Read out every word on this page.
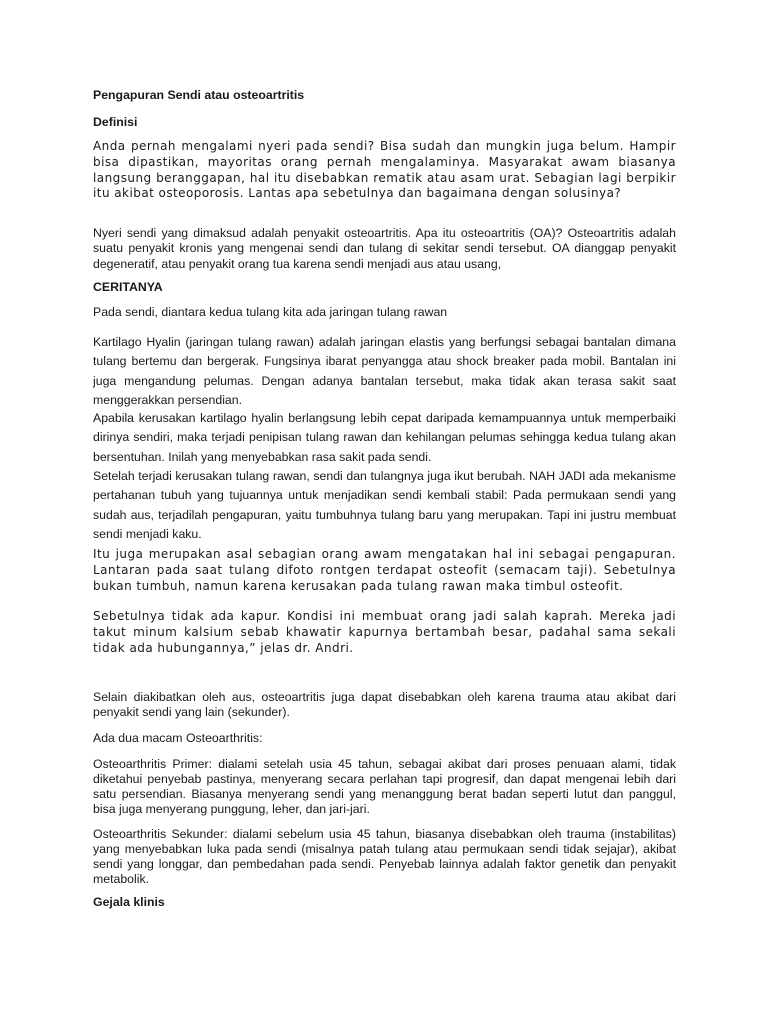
Pengapuran Sendi atau osteoartritis
Definisi

Anda pernah mengalami nyeri pada sendi? Bisa sudah dan mungkin juga belum. Hampir bisa dipastikan, mayoritas orang pernah mengalaminya. Masyarakat awam biasanya langsung beranggapan, hal itu disebabkan rematik atau asam urat. Sebagian lagi berpikir itu akibat osteoporosis. Lantas apa sebetulnya dan bagaimana dengan solusinya?

Nyeri sendi yang dimaksud adalah penyakit osteoartritis. Apa itu osteoartritis (OA)? Osteoartritis adalah suatu penyakit kronis yang mengenai sendi dan tulang di sekitar sendi tersebut. OA dianggap penyakit degeneratif, atau penyakit orang tua karena sendi menjadi aus atau usang,

CERITANYA

Pada sendi, diantara kedua tulang kita ada jaringan tulang rawan

Kartilago Hyalin (jaringan tulang rawan) adalah jaringan elastis yang berfungsi sebagai bantalan dimana tulang bertemu dan bergerak. Fungsinya ibarat penyangga atau shock breaker pada mobil. Bantalan ini juga mengandung pelumas. Dengan adanya bantalan tersebut, maka tidak akan terasa sakit saat menggerakkan persendian.

Apabila kerusakan kartilago hyalin berlangsung lebih cepat daripada kemampuannya untuk memperbaiki dirinya sendiri, maka terjadi penipisan tulang rawan dan kehilangan pelumas sehingga kedua tulang akan bersentuhan. Inilah yang menyebabkan rasa sakit pada sendi.

Setelah terjadi kerusakan tulang rawan, sendi dan tulangnya juga ikut berubah. NAH JADI ada mekanisme pertahanan tubuh yang tujuannya untuk menjadikan sendi kembali stabil: Pada permukaan sendi yang sudah aus, terjadilah pengapuran, yaitu tumbuhnya tulang baru yang merupakan. Tapi ini justru membuat sendi menjadi kaku.

Itu juga merupakan asal sebagian orang awam mengatakan hal ini sebagai pengapuran. Lantaran pada saat tulang difoto rontgen terdapat osteofit (semacam taji). Sebetulnya bukan tumbuh, namun karena kerusakan pada tulang rawan maka timbul osteofit.

Sebetulnya tidak ada kapur. Kondisi ini membuat orang jadi salah kaprah. Mereka jadi takut minum kalsium sebab khawatir kapurnya bertambah besar, padahal sama sekali tidak ada hubungannya,” jelas dr. Andri.

Selain diakibatkan oleh aus, osteoartritis juga dapat disebabkan oleh karena trauma atau akibat dari penyakit sendi yang lain (sekunder).

Ada dua macam Osteoarthritis:

Osteoarthritis Primer: dialami setelah usia 45 tahun, sebagai akibat dari proses penuaan alami, tidak diketahui penyebab pastinya, menyerang secara perlahan tapi progresif, dan dapat mengenai lebih dari satu persendian. Biasanya menyerang sendi yang menanggung berat badan seperti lutut dan panggul, bisa juga menyerang punggung, leher, dan jari-jari.

Osteoarthritis Sekunder: dialami sebelum usia 45 tahun, biasanya disebabkan oleh trauma (instabilitas) yang menyebabkan luka pada sendi (misalnya patah tulang atau permukaan sendi tidak sejajar), akibat sendi yang longgar, dan pembedahan pada sendi. Penyebab lainnya adalah faktor genetik dan penyakit metabolik.

Gejala klinis
